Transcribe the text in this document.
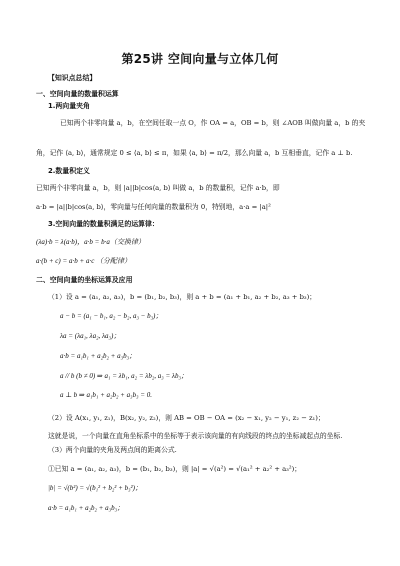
第25讲 空间向量与立体几何
【知识点总结】
一、空间向量的数量积运算
1.两向量夹角
已知两个非零向量 a，b，在空间任取一点 O，作 OA = a，OB = b，则 ∠AOB 叫做向量 a，b 的夹
角，记作 ⟨a, b⟩，通常规定 0 ≤ ⟨a, b⟩ ≤ π，如果 ⟨a, b⟩ = π/2，那么向量 a，b 互相垂直，记作 a ⊥ b.
2.数量积定义
已知两个非零向量 a，b，则 |a||b|cos⟨a, b⟩ 叫做 a，b 的数量积，记作 a·b，即
a·b = |a||b|cos⟨a, b⟩，零向量与任何向量的数量积为 0，特别地，a·a = |a|²
3.空间向量的数量积满足的运算律：
(λa)·b = λ(a·b)，a·b = b·a（交换律）
a·(b + c) = a·b + a·c （分配律）
二、空间向量的坐标运算及应用
（1）设 a = (a₁, a₂, a₃)，b = (b₁, b₂, b₃)，则 a + b = (a₁ + b₁, a₂ + b₂, a₃ + b₃)；
a − b = (a₁ − b₁, a₂ − b₂, a₃ − b₃)；
λa = (λa₁, λa₂, λa₃)；
a·b = a₁b₁ + a₂b₂ + a₃b₃；
a // b (b ≠ 0) ⇒ a₁ = λb₁, a₂ = λb₂, a₃ = λb₃；
a ⊥ b ⇒ a₁b₁ + a₂b₂ + a₃b₃ = 0.
（2）设 A(x₁, y₁, z₁)，B(x₂, y₂, z₂)，则 AB = OB − OA = (x₂ − x₁, y₂ − y₁, z₂ − z₁)；
这就是说，一个向量在直角坐标系中的坐标等于表示该向量的有向线段的终点的坐标减起点的坐标.
（3）两个向量的夹角及两点间的距离公式.
①已知 a = (a₁, a₂, a₃)，b = (b₁, b₂, b₃)，则 |a| = √(a²) = √(a₁² + a₂² + a₃²)；
|b| = √(b²) = √(b₁² + b₂² + b₃²)；
a·b = a₁b₁ + a₂b₂ + a₃b₃；
